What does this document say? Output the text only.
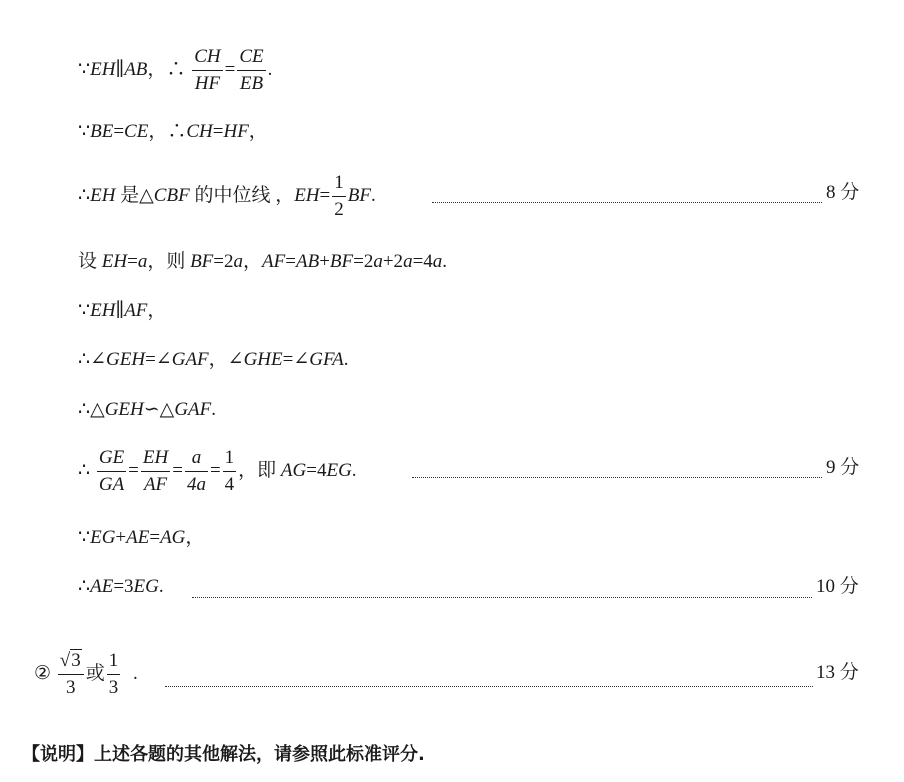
∵EH∥AB，∴ $\frac{CH}{HF} = \frac{CE}{EB}$ .
∵BE=CE，∴CH=HF，
∴EH 是△CBF 的中位线 ，$EH= \frac{1}{2}$ BF.	8 分
设 EH=a，则 BF=2a，AF=AB+BF=2a+2a=4a.
∵EH∥AF，
∴∠GEH=∠GAF，∠GHE=∠GFA.
∴△GEH∽△GAF.
∴ $\frac{GE}{GA} = \frac{EH}{AF} = \frac{a}{4a} = \frac{1}{4}$ ，即 AG=4EG.	9 分
∵EG+AE=AG，
∴AE=3EG.	10 分
② $\frac{√3}{3}$ 或 $\frac{1}{3}$ .	13 分
【说明】上述各题的其他解法，请参照此标准评分.
